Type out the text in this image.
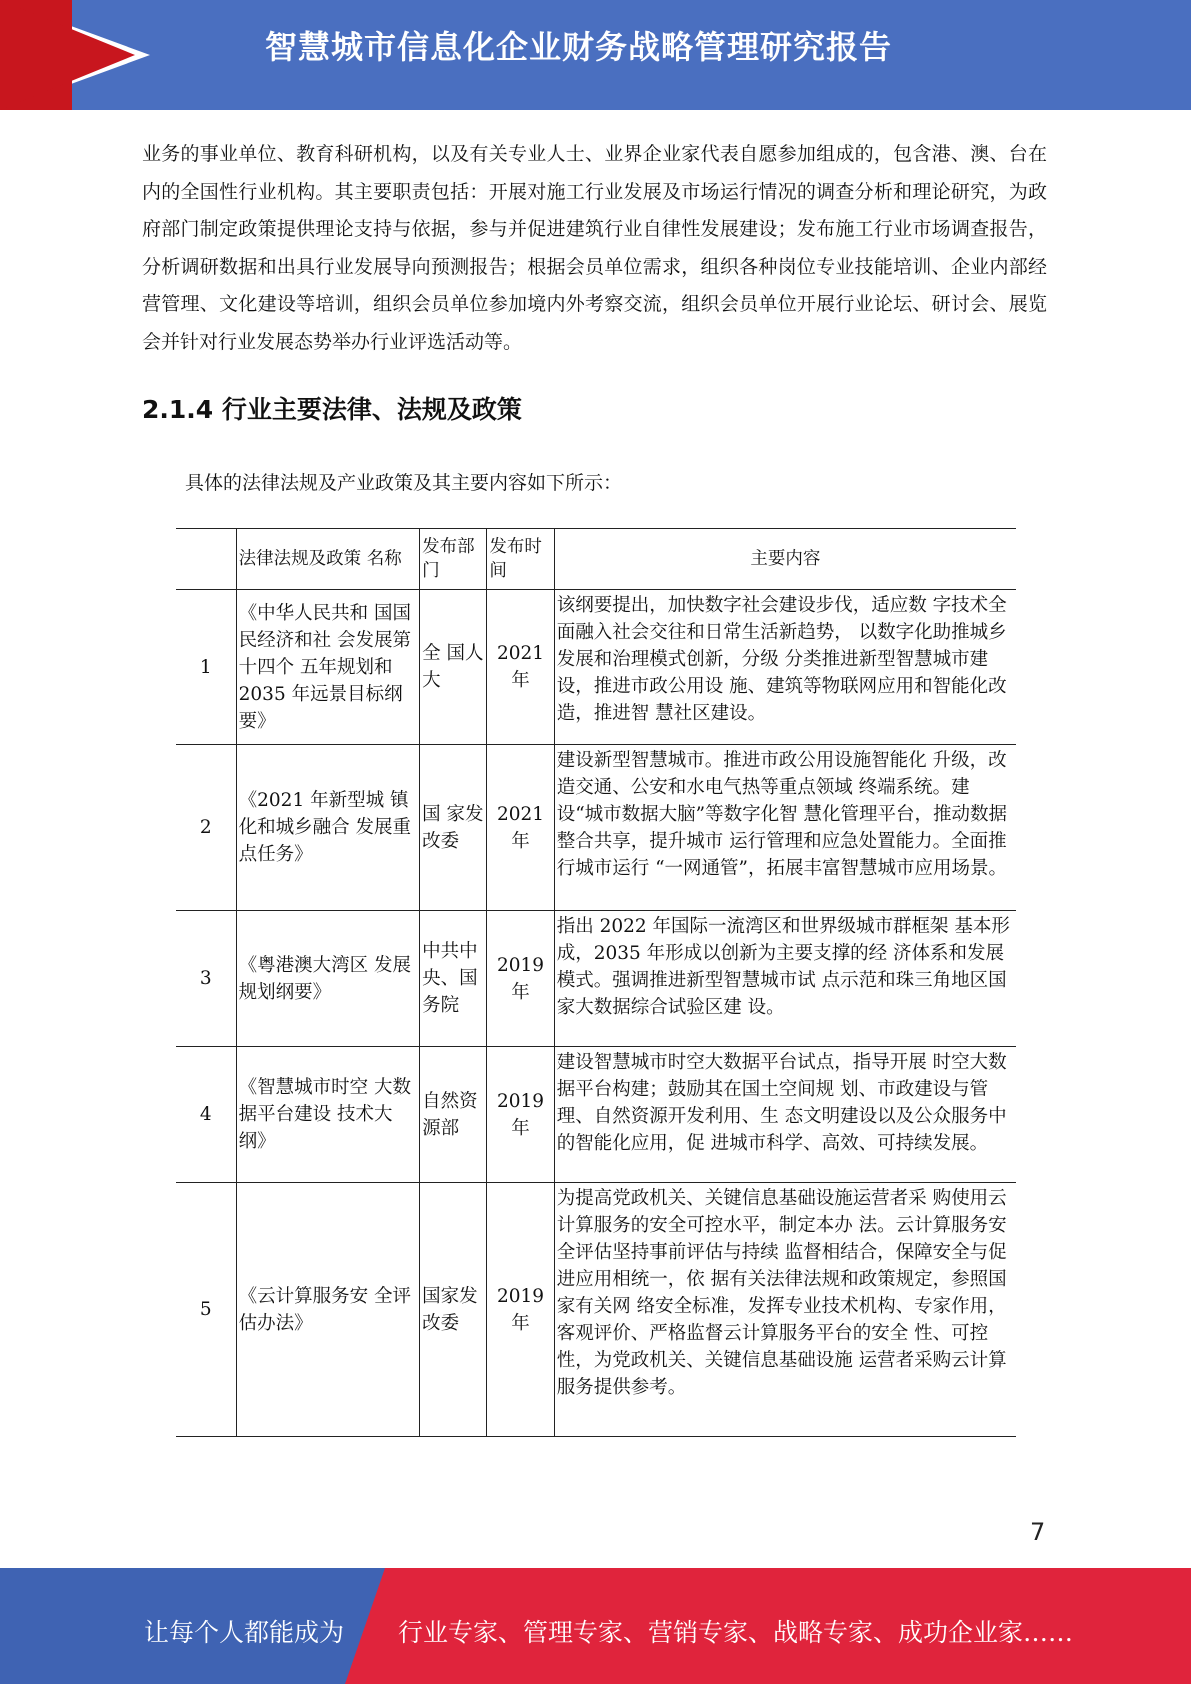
智慧城市信息化企业财务战略管理研究报告
业务的事业单位、教育科研机构，以及有关专业人士、业界企业家代表自愿参加组成的，包含港、澳、台在内的全国性行业机构。其主要职责包括：开展对施工行业发展及市场运行情况的调查分析和理论研究，为政府部门制定政策提供理论支持与依据，参与并促进建筑行业自律性发展建设；发布施工行业市场调查报告，分析调研数据和出具行业发展导向预测报告；根据会员单位需求，组织各种岗位专业技能培训、企业内部经营管理、文化建设等培训，组织会员单位参加境内外考察交流，组织会员单位开展行业论坛、研讨会、展览会并针对行业发展态势举办行业评选活动等。
2.1.4 行业主要法律、法规及政策
具体的法律法规及产业政策及其主要内容如下所示：
	法律法规及政策 名称	发布部门	发布时间	主要内容
1	《中华人民共和 国国民经济和社 会发展第十四个 五年规划和 2035 年远景目标纲 要》	全 国人大	2021年	该纲要提出，加快数字社会建设步伐，适应数 字技术全面融入社会交往和日常生活新趋势， 以数字化助推城乡发展和治理模式创新，分级 分类推进新型智慧城市建设，推进市政公用设 施、建筑等物联网应用和智能化改造，推进智 慧社区建设。
2	《2021 年新型城 镇化和城乡融合 发展重点任务》	国 家发 改委	2021年	建设新型智慧城市。推进市政公用设施智能化 升级，改造交通、公安和水电气热等重点领域 终端系统。建设“城市数据大脑”等数字化智 慧化管理平台，推动数据整合共享，提升城市 运行管理和应急处置能力。全面推行城市运行 “一网通管”，拓展丰富智慧城市应用场景。
3	《粤港澳大湾区 发展规划纲要》	中共中央、国务院	2019年	指出 2022 年国际一流湾区和世界级城市群框架 基本形成，2035 年形成以创新为主要支撑的经 济体系和发展模式。强调推进新型智慧城市试 点示范和珠三角地区国家大数据综合试验区建 设。
4	《智慧城市时空 大数据平台建设 技术大纲》	自然资源部	2019年	建设智慧城市时空大数据平台试点，指导开展 时空大数据平台构建；鼓励其在国土空间规 划、市政建设与管理、自然资源开发利用、生 态文明建设以及公众服务中的智能化应用，促 进城市科学、高效、可持续发展。
5	《云计算服务安 全评估办法》	国家发改委	2019年	为提高党政机关、关键信息基础设施运营者采 购使用云计算服务的安全可控水平，制定本办 法。云计算服务安全评估坚持事前评估与持续 监督相结合，保障安全与促进应用相统一，依 据有关法律法规和政策规定，参照国家有关网 络安全标准，发挥专业技术机构、专家作用， 客观评价、严格监督云计算服务平台的安全 性、可控性，为党政机关、关键信息基础设施 运营者采购云计算服务提供参考。
7
让每个人都能成为 行业专家、管理专家、营销专家、战略专家、成功企业家……
